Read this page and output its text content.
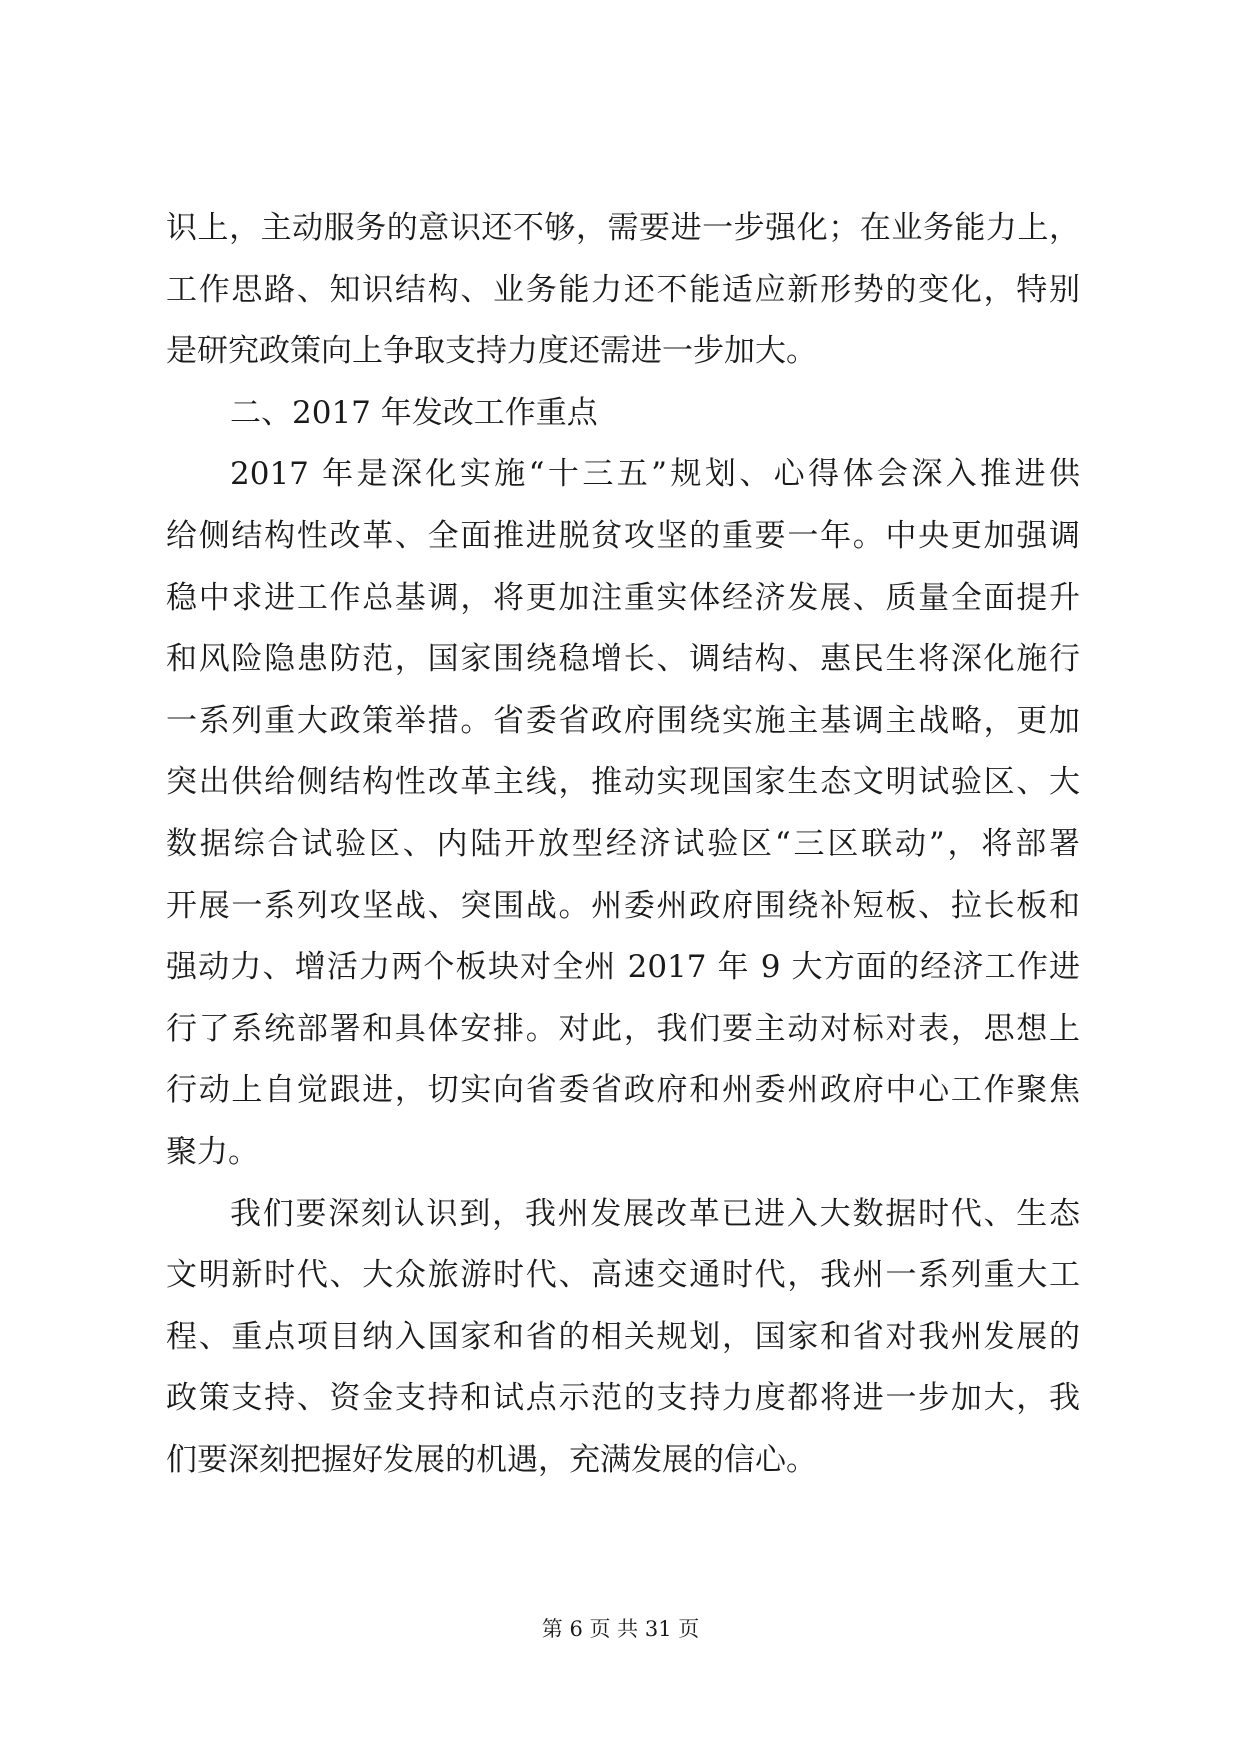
识上，主动服务的意识还不够，需要进一步强化；在业务能力上，
工作思路、知识结构、业务能力还不能适应新形势的变化，特别
是研究政策向上争取支持力度还需进一步加大。
二、2017 年发改工作重点
2017 年是深化实施“十三五”规划、心得体会深入推进供
给侧结构性改革、全面推进脱贫攻坚的重要一年。中央更加强调
稳中求进工作总基调，将更加注重实体经济发展、质量全面提升
和风险隐患防范，国家围绕稳增长、调结构、惠民生将深化施行
一系列重大政策举措。省委省政府围绕实施主基调主战略，更加
突出供给侧结构性改革主线，推动实现国家生态文明试验区、大
数据综合试验区、内陆开放型经济试验区“三区联动”，将部署
开展一系列攻坚战、突围战。州委州政府围绕补短板、拉长板和
强动力、增活力两个板块对全州 2017 年 9 大方面的经济工作进
行了系统部署和具体安排。对此，我们要主动对标对表，思想上
行动上自觉跟进，切实向省委省政府和州委州政府中心工作聚焦
聚力。
我们要深刻认识到，我州发展改革已进入大数据时代、生态
文明新时代、大众旅游时代、高速交通时代，我州一系列重大工
程、重点项目纳入国家和省的相关规划，国家和省对我州发展的
政策支持、资金支持和试点示范的支持力度都将进一步加大，我
们要深刻把握好发展的机遇，充满发展的信心。
第 6 页 共 31 页
